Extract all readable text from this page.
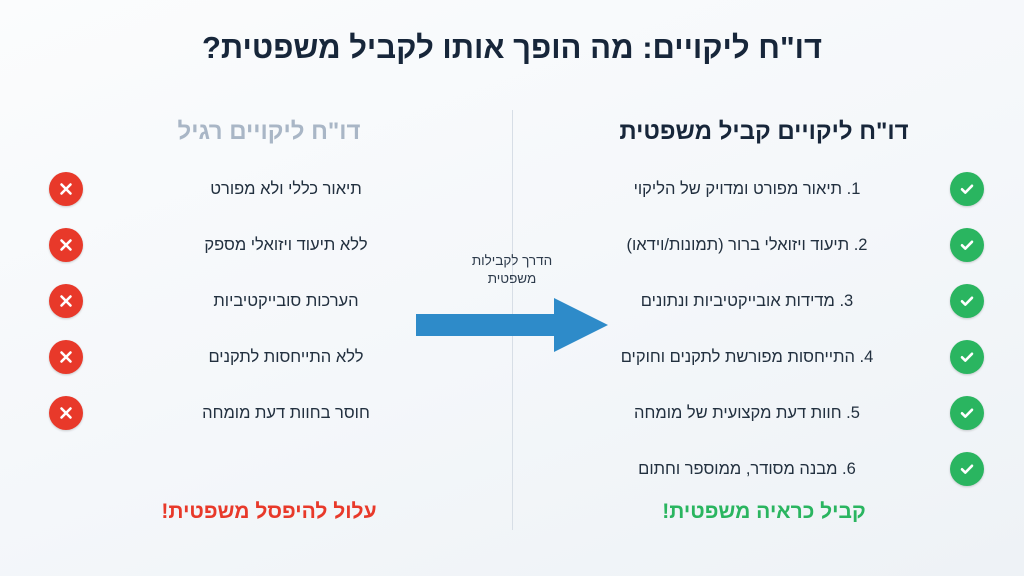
דו"ח ליקויים: מה הופך אותו לקביל משפטית?
דו"ח ליקויים רגיל
תיאור כללי ולא מפורט
ללא תיעוד ויזואלי מספק
הערכות סובייקטיביות
ללא התייחסות לתקנים
חוסר בחוות דעת מומחה
דו"ח ליקויים קביל משפטית
1. תיאור מפורט ומדויק של הליקוי
2. תיעוד ויזואלי ברור (תמונות/וידאו)
3. מדידות אובייקטיביות ונתונים
4. התייחסות מפורשת לתקנים וחוקים
5. חוות דעת מקצועית של מומחה
6. מבנה מסודר, ממוספר וחתום
הדרך לקבילות
משפטית
עלול להיפסל משפטית!	קביל כראיה משפטית!
